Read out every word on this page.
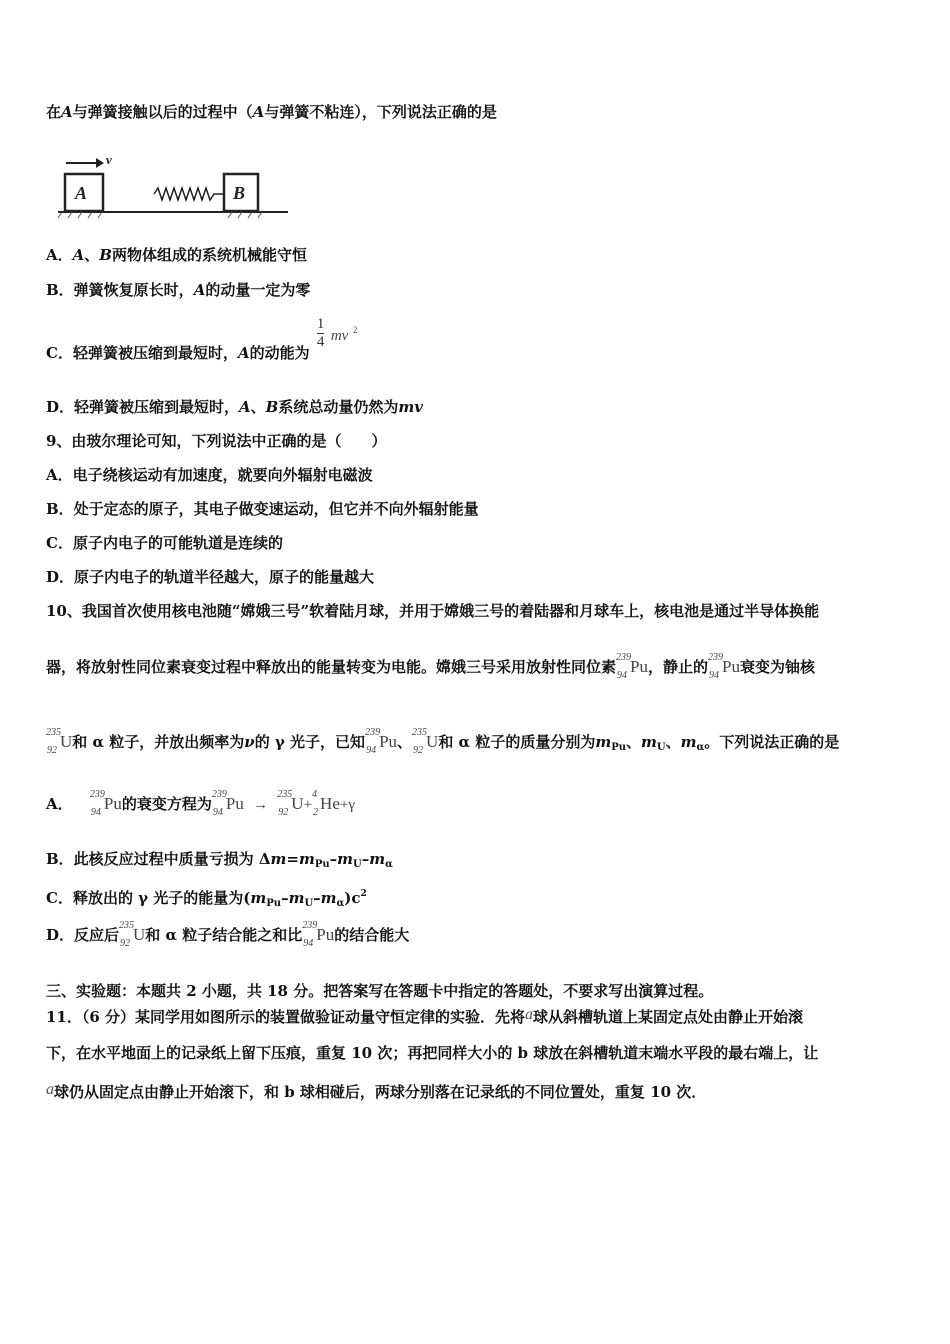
在A与弹簧接触以后的过程中（A与弹簧不粘连），下列说法正确的是
v
A	B
A．A、B两物体组成的系统机械能守恒
B．弹簧恢复原长时，A的动量一定为零
C．轻弹簧被压缩到最短时，A的动能为
$\frac{1}{4}$ mv 2
D．轻弹簧被压缩到最短时，A、B系统总动量仍然为mv
9、由玻尔理论可知，下列说法中正确的是（　　）
A．电子绕核运动有加速度，就要向外辐射电磁波
B．处于定态的原子，其电子做变速运动，但它并不向外辐射能量
C．原子内电子的可能轨道是连续的
D．原子内电子的轨道半径越大，原子的能量越大
10、我国首次使用核电池随“嫦娥三号”软着陆月球，并用于嫦娥三号的着陆器和月球车上，核电池是通过半导体换能
器，将放射性同位素衰变过程中释放出的能量转变为电能。嫦娥三号采用放射性同位素
239
94 Pu，静止的
239
94 Pu衰变为铀核
235
92 U和 α 粒子，并放出频率为ν的 γ 光子，已知
239
94 Pu、
235
92 U和 α 粒子的质量分别为$m_{Pu}$、$m_U$、$m_\alpha$。下列说法正确的是
A．
239
94 Pu的衰变方程为
239
94 Pu →
235
92 U+
4
2 He+γ
B．此核反应过程中质量亏损为 $\Delta m=m_{Pu}-m_U-m_\alpha$
C．释放出的 γ 光子的能量为$(m_{Pu}-m_U-m_\alpha)c^2$
D．反应后
235
92 U和 α 粒子结合能之和比
239
94 Pu的结合能大
三、实验题：本题共 2 小题，共 18 分。把答案写在答题卡中指定的答题处，不要求写出演算过程。
11．（6 分）某同学用如图所示的装置做验证动量守恒定律的实验．先将a球从斜槽轨道上某固定点处由静止开始滚
下，在水平地面上的记录纸上留下压痕，重复 10 次；再把同样大小的 b 球放在斜槽轨道末端水平段的最右端上，让
a球仍从固定点由静止开始滚下，和 b 球相碰后，两球分别落在记录纸的不同位置处，重复 10 次．
